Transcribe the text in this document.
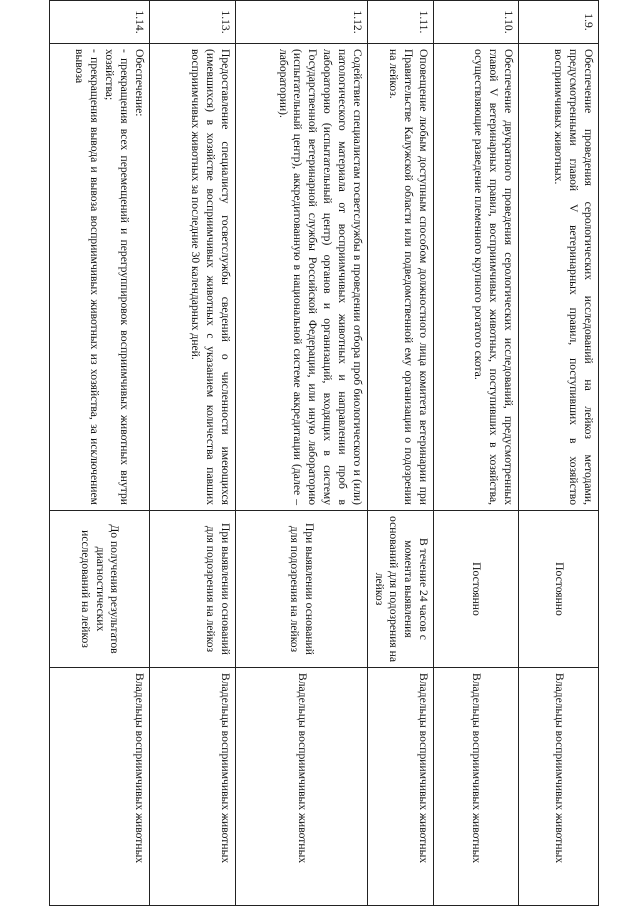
1.9.	Обеспечение проведения серологических исследований на лейкоз методами, предусмотренными главой V ветеринарных правил, поступивших в хозяйство восприимчивых животных.	Постоянно	Владельцы восприимчивых животных
1.10.	Обеспечение двукратного проведения серологических исследований, предусмотренных главой V ветеринарных правил, восприимчивых животных, поступивших в хозяйства, осуществляющие разведение племенного крупного рогатого скота.	Постоянно	Владельцы восприимчивых животных
1.11.	Оповещение любым доступным способом должностного лица комитета ветеринарии при Правительстве Калужской области или подведомственной ему организации о подозрении на лейкоз.	В течение 24 часов с момента выявления оснований для подозрения на лейкоз	Владельцы восприимчивых животных
1.12.	Содействие специалистам госветслужбы в проведении отбора проб биологического и (или) патологического материала от восприимчивых животных и направлении проб в лабораторию (испытательный центр) органов и организаций, входящих в систему Государственной ветеринарной службы Российской Федерации, или иную лабораторию (испытательный центр), аккредитованную в национальной системе аккредитации (далее – лаборатории).	При выявлении оснований для подозрения на лейкоз	Владельцы восприимчивых животных
1.13.	Предоставление специалисту госветслужбы сведений о численности имеющихся (имевшихся) в хозяйстве восприимчивых животных с указанием количества павших восприимчивых животных за последние 30 календарных дней.	При выявлении оснований для подозрения на лейкоз	Владельцы восприимчивых животных
1.14.	Обеспечение:
- прекращения всех перемещений и перегруппировок восприимчивых животных внутри хозяйства;
- прекращения вывода и вывоза восприимчивых животных из хозяйства, за исключением вывоза	До получения результатов диагностических исследований на лейкоз	Владельцы восприимчивых животных
